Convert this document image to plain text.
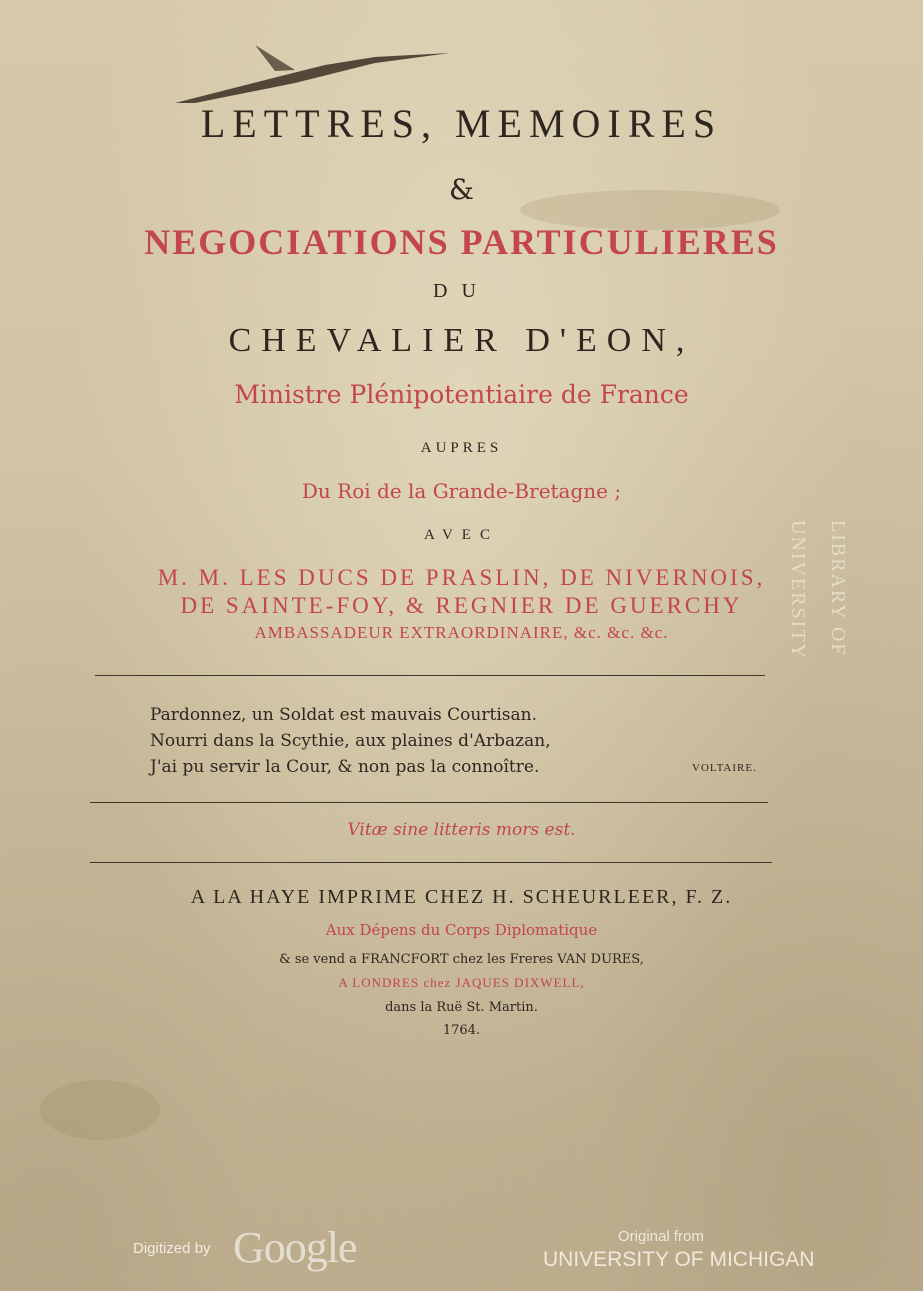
LETTRES, MEMOIRES
&
NEGOCIATIONS PARTICULIERES
DU
CHEVALIER D'EON,
Ministre Plénipotentiaire de France
AUPRES
Du Roi de la Grande-Bretagne ;
AVEC
M. M. LES DUCS DE PRASLIN, DE NIVERNOIS,
DE SAINTE-FOY, & REGNIER DE GUERCHY
AMBASSADEUR EXTRAORDINAIRE, &c. &c. &c.
Pardonnez, un Soldat est mauvais Courtisan.
Nourri dans la Scythie, aux plaines d'Arbazan,
J'ai pu servir la Cour, & non pas la connoître.	VOLTAIRE.
Vitæ sine litteris mors est.
A LA HAYE IMPRIME CHEZ H. SCHEURLEER, F. Z.
Aux Dépens du Corps Diplomatique
& se vend a FRANCFORT chez les Freres VAN DURES,
A LONDRES chez JAQUES DIXWELL,
dans la Ruë St. Martin.
1764.
UNIVERSITY LIBRARY OF
Digitized by Google	Original from
UNIVERSITY OF MICHIGAN
